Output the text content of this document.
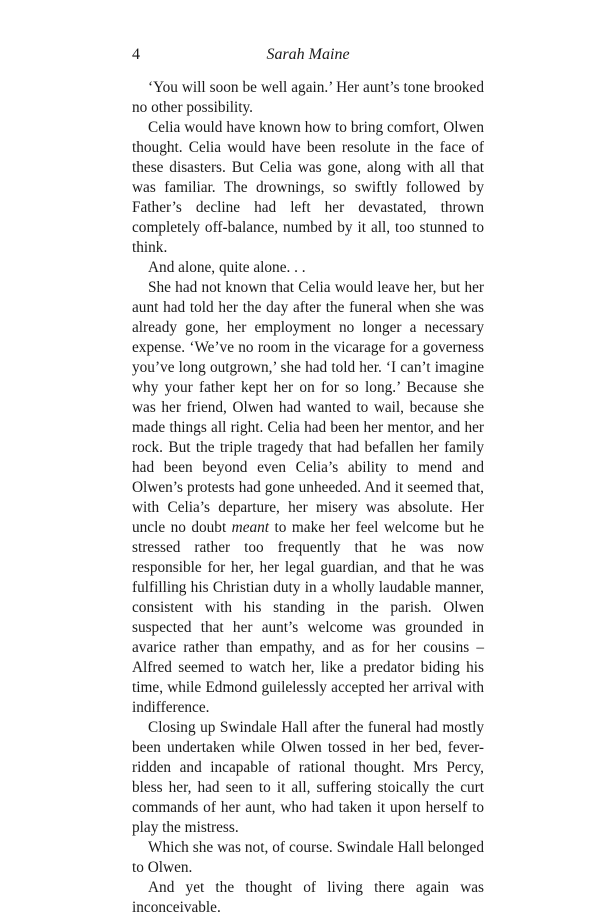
4	Sarah Maine

‘You will soon be well again.’ Her aunt’s tone brooked no other possibility.

Celia would have known how to bring comfort, Olwen thought. Celia would have been resolute in the face of these disasters. But Celia was gone, along with all that was familiar. The drownings, so swiftly followed by Father’s decline had left her devastated, thrown completely off-balance, numbed by it all, too stunned to think.

And alone, quite alone. . .

She had not known that Celia would leave her, but her aunt had told her the day after the funeral when she was already gone, her employment no longer a necessary expense. ‘We’ve no room in the vicarage for a governess you’ve long outgrown,’ she had told her. ‘I can’t imagine why your father kept her on for so long.’ Because she was her friend, Olwen had wanted to wail, because she made things all right. Celia had been her mentor, and her rock. But the triple tragedy that had befallen her family had been beyond even Celia’s ability to mend and Olwen’s protests had gone unheeded. And it seemed that, with Celia’s departure, her misery was absolute. Her uncle no doubt meant to make her feel welcome but he stressed rather too frequently that he was now responsible for her, her legal guardian, and that he was fulfilling his Christian duty in a wholly laudable manner, consistent with his standing in the parish. Olwen suspected that her aunt’s welcome was grounded in avarice rather than empathy, and as for her cousins – Alfred seemed to watch her, like a predator biding his time, while Edmond guilelessly accepted her arrival with indifference.

Closing up Swindale Hall after the funeral had mostly been undertaken while Olwen tossed in her bed, fever-ridden and incapable of rational thought. Mrs Percy, bless her, had seen to it all, suffering stoically the curt commands of her aunt, who had taken it upon herself to play the mistress.

Which she was not, of course. Swindale Hall belonged to Olwen.

And yet the thought of living there again was inconceivable.
